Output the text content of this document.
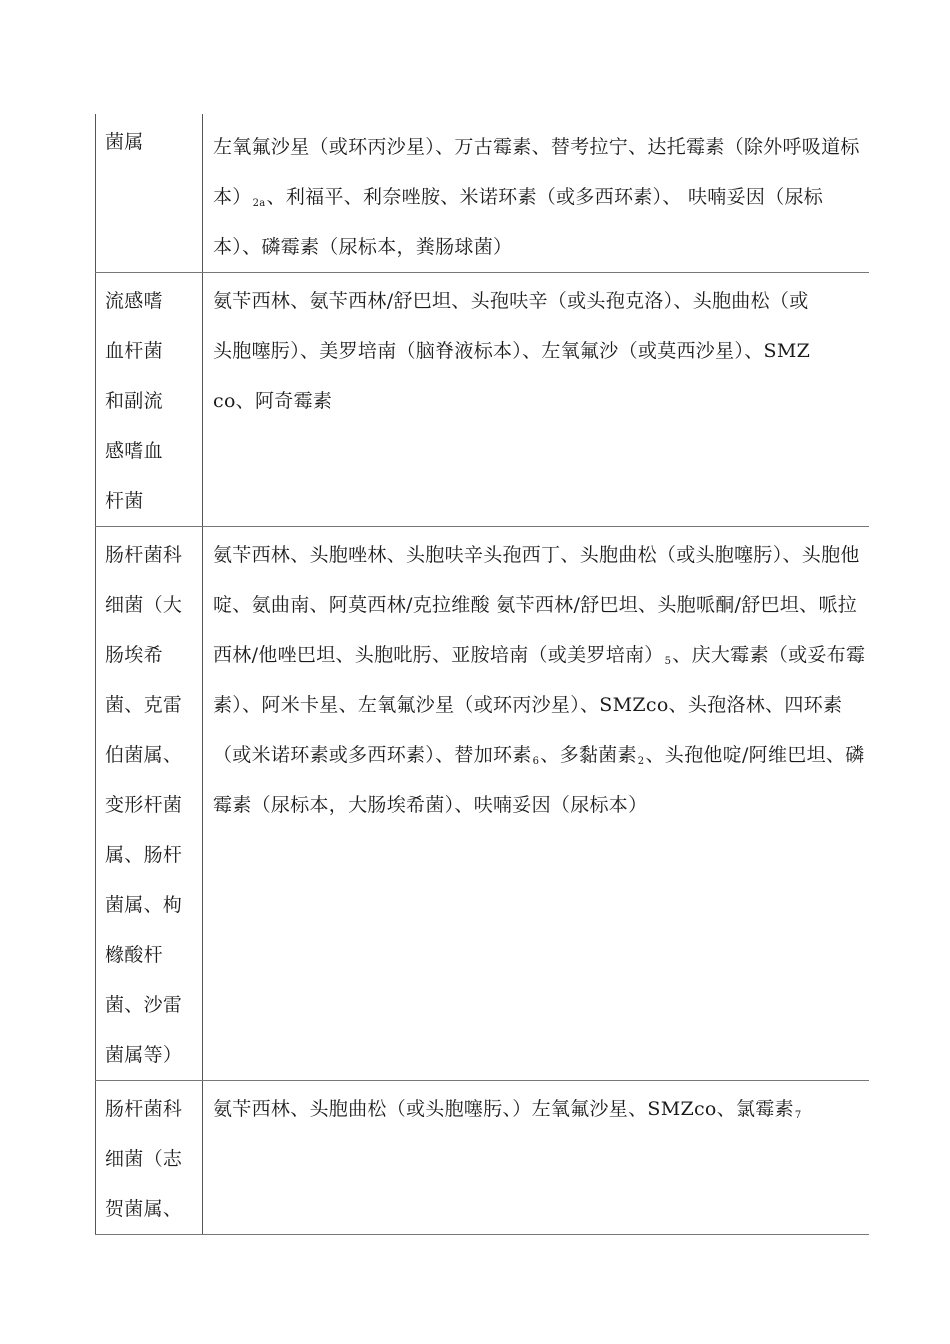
菌属	左氧氟沙星（或环丙沙星）、万古霉素、替考拉宁、达托霉素（除外呼吸道标本）$^{2a}$、利福平、利奈唑胺、米诺环素（或多西环素）、 呋喃妥因（尿标本）、磷霉素（尿标本，粪肠球菌）

流感嗜血杆菌和副流感嗜血杆菌	氨苄西林、氨苄西林/舒巴坦、头孢呋辛（或头孢克洛）、头胞曲松（或头胞噻肟）、美罗培南（脑脊液标本）、左氧氟沙（或莫西沙星）、SMZco、阿奇霉素

肠杆菌科细菌（大肠埃希菌、克雷伯菌属、变形杆菌属、肠杆菌属、枸橼酸杆菌、沙雷菌属等）	氨苄西林、头胞唑林、头胞呋辛头孢西丁、头胞曲松（或头胞噻肟）、头胞他啶、氨曲南、阿莫西林/克拉维酸 氨苄西林/舒巴坦、头胞哌酮/舒巴坦、哌拉西林/他唑巴坦、头胞吡肟、亚胺培南（或美罗培南）$^5$、庆大霉素（或妥布霉素）、阿米卡星、左氧氟沙星（或环丙沙星）、SMZco、头孢洛林、四环素（或米诺环素或多西环素）、替加环素$^6$、多黏菌素$^2$、头孢他啶/阿维巴坦、磷霉素（尿标本，大肠埃希菌）、呋喃妥因（尿标本）

肠杆菌科细菌（志贺菌属、	氨苄西林、头胞曲松（或头胞噻肟、）左氧氟沙星、SMZco、氯霉素$^7$
